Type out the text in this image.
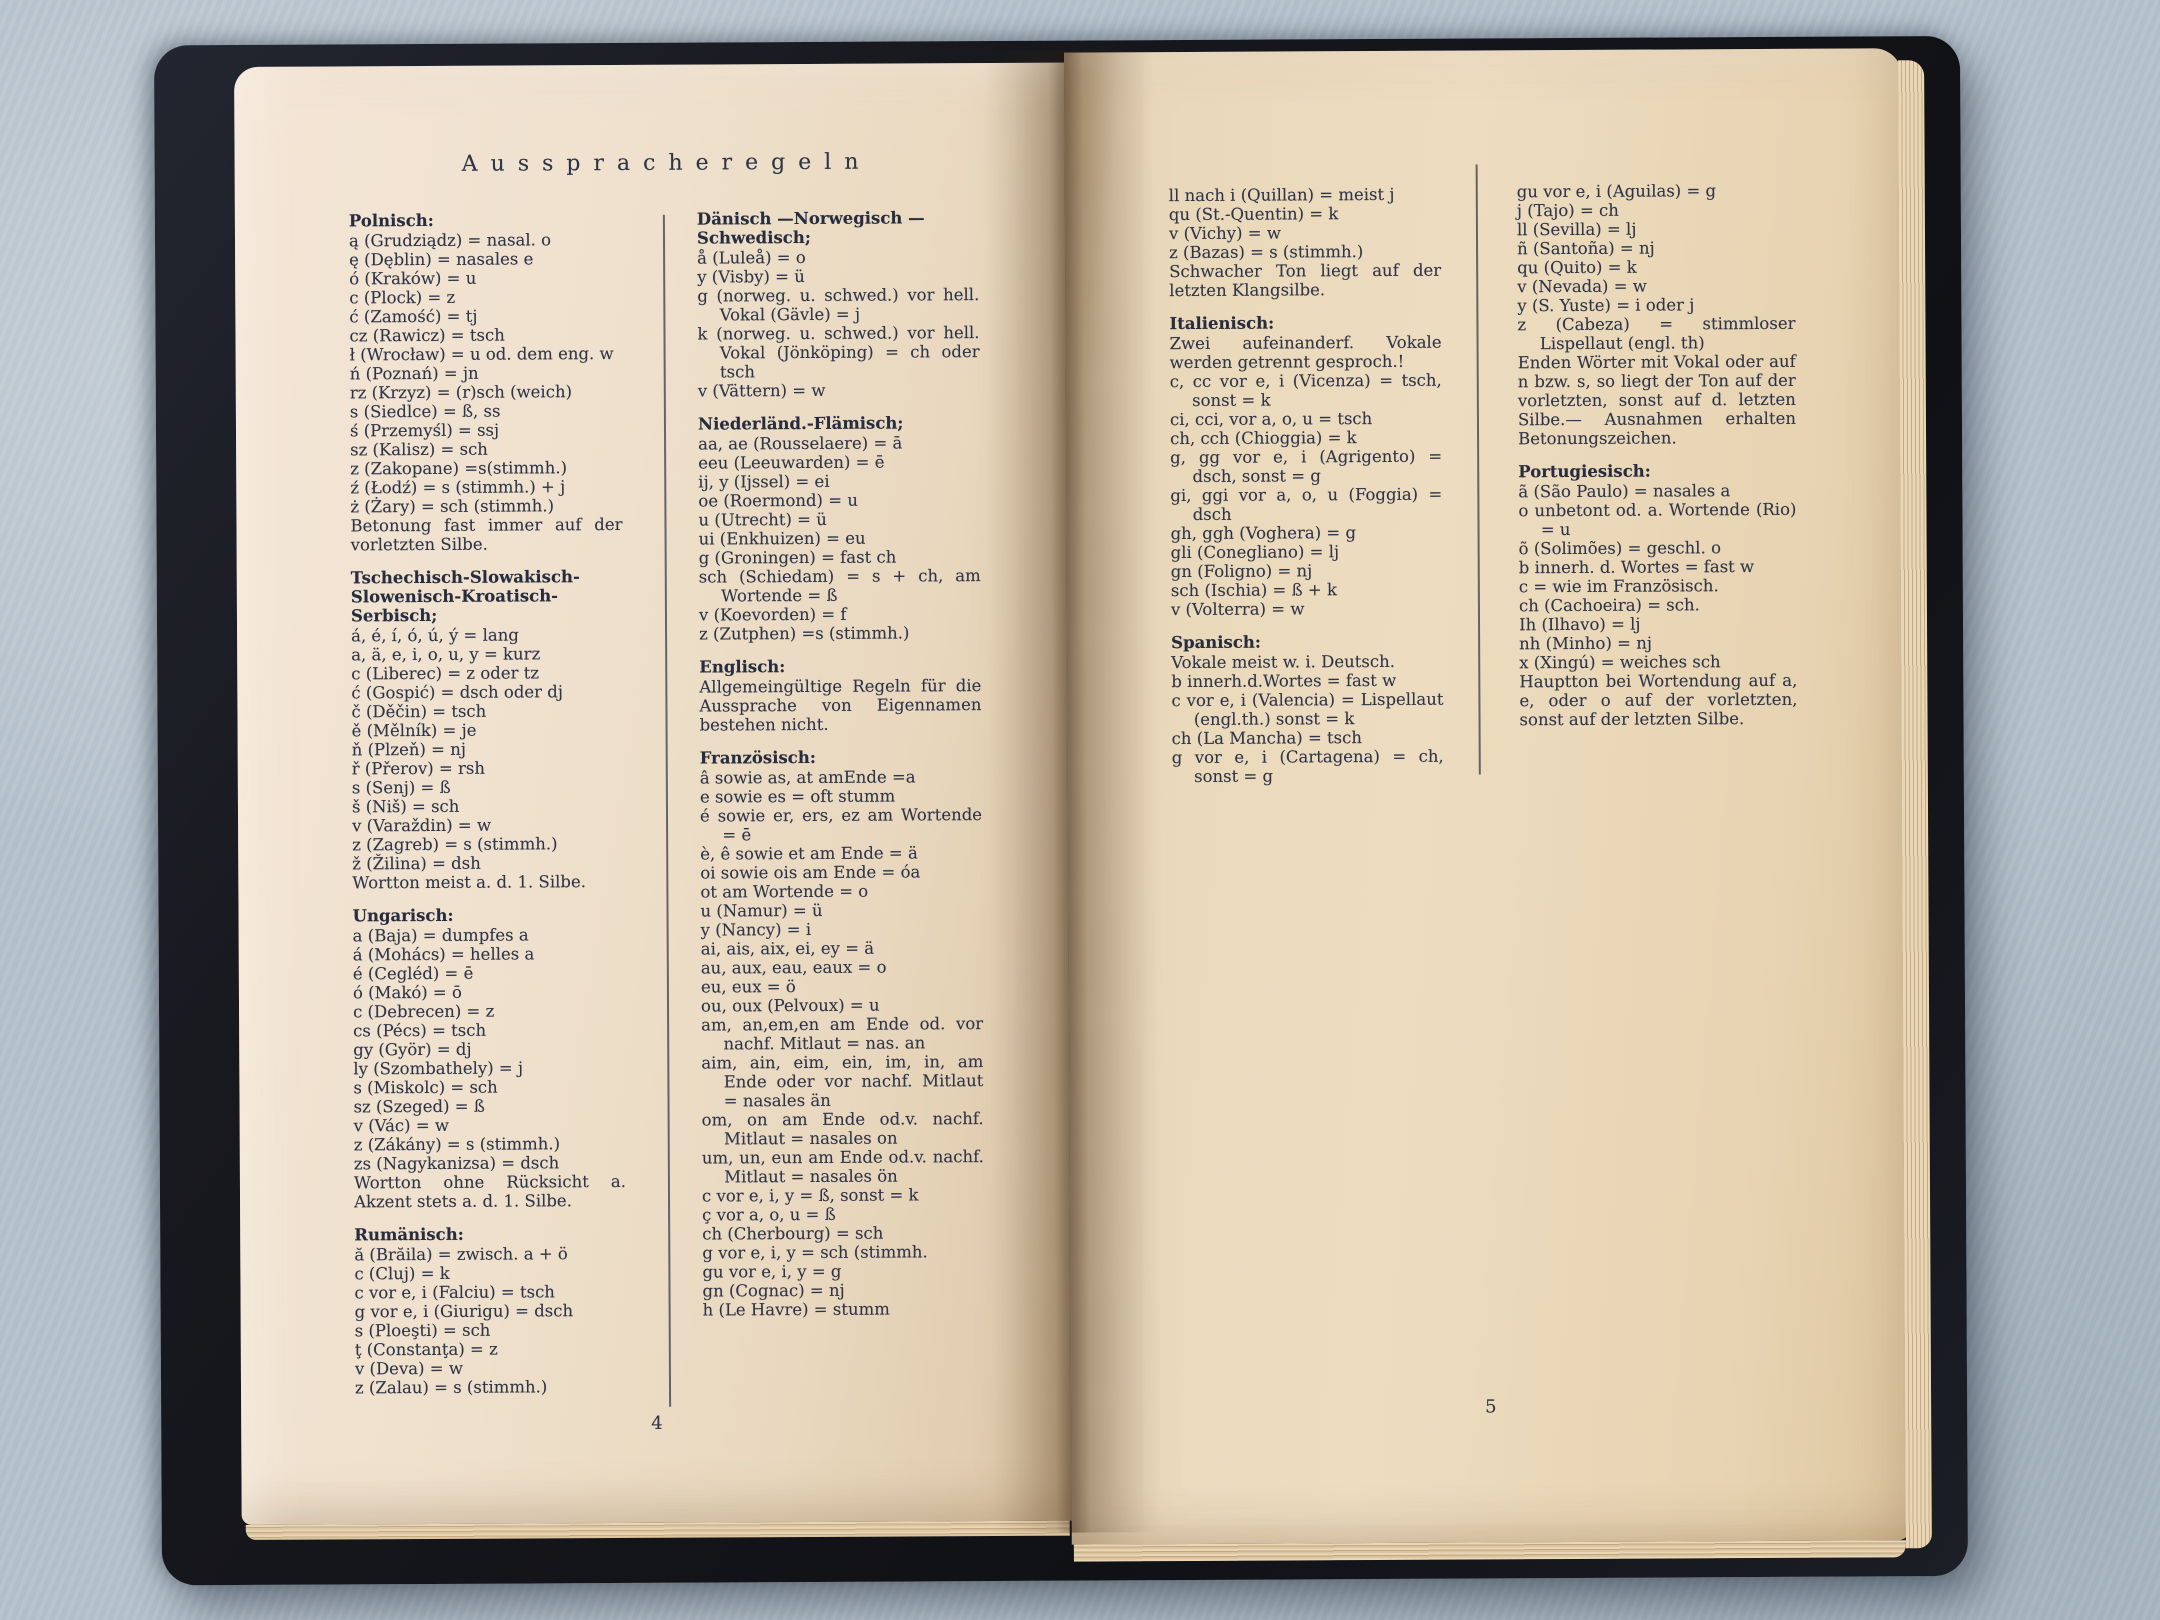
Ausspracheregeln
Polnisch:
ą (Grudziądz) = nasal. o
ę (Dęblin) = nasales e
ó (Kraków) = u
c (Plock) = z
ć (Zamość) = tj
cz (Rawicz) = tsch
ł (Wrocław) = u od. dem eng. w
ń (Poznań) = jn
rz (Krzyz) = (r)sch (weich)
s (Siedlce) = ß, ss
ś (Przemyśl) = ssj
sz (Kalisz) = sch
z (Zakopane) =s(stimmh.)
ź (Łodź) = s (stimmh.) + j
ż (Żary) = sch (stimmh.)
Betonung fast immer auf der vorletzten Silbe.
Tschechisch-Slowakisch-Slowenisch-Kroatisch-Serbisch;
á, é, í, ó, ú, ý = lang
a, ä, e, i, o, u, y = kurz
c (Liberec) = z oder tz
ć (Gospić) = dsch oder dj
č (Děčin) = tsch
ě (Mělník) = je
ň (Plzeň) = nj
ř (Přerov) = rsh
s (Senj) = ß
š (Niš) = sch
v (Varaždin) = w
z (Zagreb) = s (stimmh.)
ž (Žilina) = dsh
Wortton meist a. d. 1. Silbe.
Ungarisch:
a (Baja) = dumpfes a
á (Mohács) = helles a
é (Cegléd) = ē
ó (Makó) = ō
c (Debrecen) = z
cs (Pécs) = tsch
gy (Györ) = dj
ly (Szombathely) = j
s (Miskolc) = sch
sz (Szeged) = ß
v (Vác) = w
z (Zákány) = s (stimmh.)
zs (Nagykanizsa) = dsch
Wortton ohne Rücksicht a. Akzent stets a. d. 1. Silbe.
Rumänisch:
ă (Brăila) = zwisch. a + ö
c (Cluj) = k
c vor e, i (Falciu) = tsch
g vor e, i (Giurigu) = dsch
s (Ploeşti) = sch
ţ (Constanţa) = z
v (Deva) = w
z (Zalau) = s (stimmh.)
Dänisch —Norwegisch — Schwedisch;
å (Luleå) = o
y (Visby) = ü
g (norweg. u. schwed.) vor hell. Vokal (Gävle) = j
k (norweg. u. schwed.) vor hell. Vokal (Jönköping) = ch oder tsch
v (Vättern) = w
Niederländ.-Flämisch;
aa, ae (Rousselaere) = ā
eeu (Leeuwarden) = ē
ij, y (Ijssel) = ei
oe (Roermond) = u
u (Utrecht) = ü
ui (Enkhuizen) = eu
g (Groningen) = fast ch
sch (Schiedam) = s + ch, am Wortende = ß
v (Koevorden) = f
z (Zutphen) =s (stimmh.)
Englisch:
Allgemeingültige Regeln für die Aussprache von Eigennamen bestehen nicht.
Französisch:
â sowie as, at amEnde =a
e sowie es = oft stumm
é sowie er, ers, ez am Wortende = ē
è, ê sowie et am Ende = ä
oi sowie ois am Ende = óa
ot am Wortende = o
u (Namur) = ü
y (Nancy) = i
ai, ais, aix, ei, ey = ä
au, aux, eau, eaux = o
eu, eux = ö
ou, oux (Pelvoux) = u
am, an,em,en am Ende od. vor nachf. Mitlaut = nas. an
aim, ain, eim, ein, im, in, am Ende oder vor nachf. Mitlaut = nasales än
om, on am Ende od.v. nachf. Mitlaut = nasales on
um, un, eun am Ende od.v. nachf. Mitlaut = nasales ön
c vor e, i, y = ß, sonst = k
ç vor a, o, u = ß
ch (Cherbourg) = sch
g vor e, i, y = sch (stimmh.
gu vor e, i, y = g
gn (Cognac) = nj
h (Le Havre) = stumm
ll nach i (Quillan) = meist j
qu (St.-Quentin) = k
v (Vichy) = w
z (Bazas) = s (stimmh.)
Schwacher Ton liegt auf der letzten Klangsilbe.
Italienisch:
Zwei aufeinanderf. Vokale werden getrennt gesproch.!
c, cc vor e, i (Vicenza) = tsch, sonst = k
ci, cci, vor a, o, u = tsch
ch, cch (Chioggia) = k
g, gg vor e, i (Agrigento) = dsch, sonst = g
gi, ggi vor a, o, u (Foggia) = dsch
gh, ggh (Voghera) = g
gli (Conegliano) = lj
gn (Foligno) = nj
sch (Ischia) = ß + k
v (Volterra) = w
Spanisch:
Vokale meist w. i. Deutsch.
b innerh.d.Wortes = fast w
c vor e, i (Valencia) = Lispellaut (engl.th.) sonst = k
ch (La Mancha) = tsch
g vor e, i (Cartagena) = ch, sonst = g
gu vor e, i (Aguilas) = g
j (Tajo) = ch
ll (Sevilla) = lj
ñ (Santoña) = nj
qu (Quito) = k
v (Nevada) = w
y (S. Yuste) = i oder j
z (Cabeza) = stimmloser Lispellaut (engl. th)
Enden Wörter mit Vokal oder auf n bzw. s, so liegt der Ton auf der vorletzten, sonst auf d. letzten Silbe.— Ausnahmen erhalten Betonungszeichen.
Portugiesisch:
ã (São Paulo) = nasales a
o unbetont od. a. Wortende (Rio) = u
õ (Solimões) = geschl. o
b innerh. d. Wortes = fast w
c = wie im Französisch.
ch (Cachoeira) = sch.
Ih (Ilhavo) = lj
nh (Minho) = nj
x (Xingú) = weiches sch
Hauptton bei Wortendung auf a, e, oder o auf der vorletzten, sonst auf der letzten Silbe.
4
5
